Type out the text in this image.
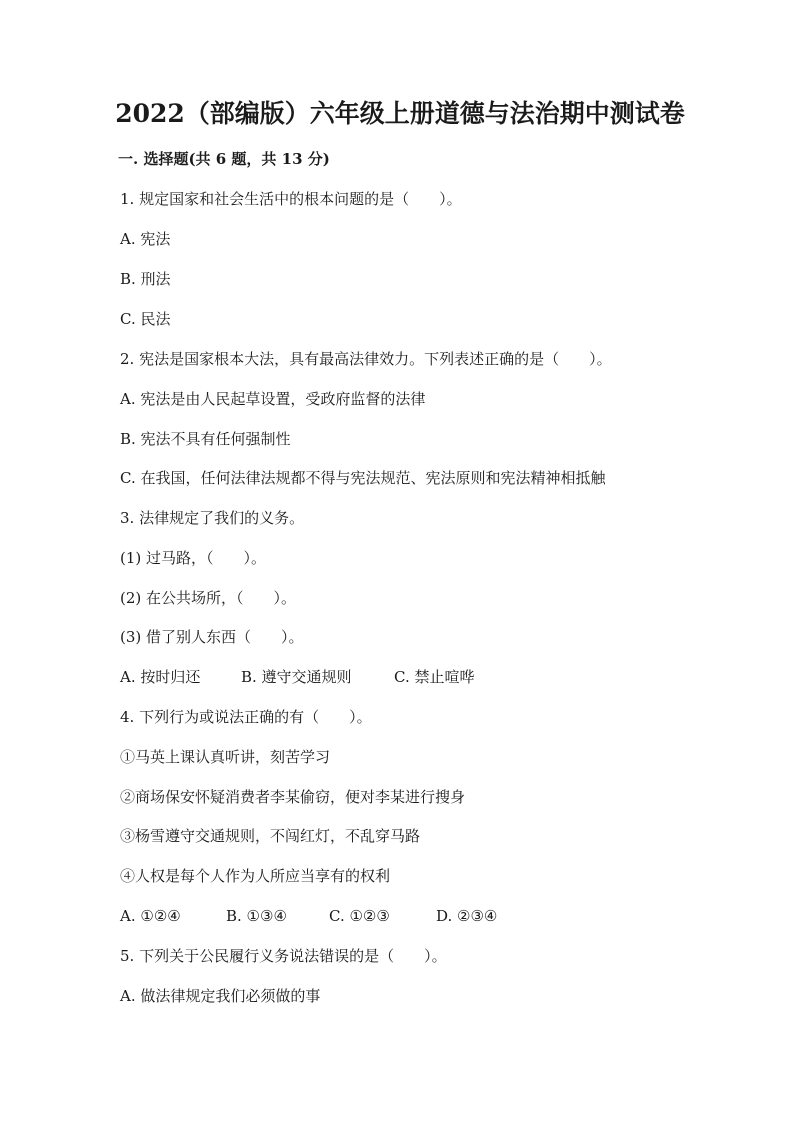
2022（部编版）六年级上册道德与法治期中测试卷

一. 选择题(共 6 题，共 13 分)

1. 规定国家和社会生活中的根本问题的是（　　）。

A. 宪法

B. 刑法

C. 民法

2. 宪法是国家根本大法，具有最高法律效力。下列表述正确的是（　　）。

A. 宪法是由人民起草设置，受政府监督的法律

B. 宪法不具有任何强制性

C. 在我国，任何法律法规都不得与宪法规范、宪法原则和宪法精神相抵触

3. 法律规定了我们的义务。

(1) 过马路，（　　）。

(2) 在公共场所，（　　）。

(3) 借了别人东西（　　）。

A. 按时归还	B. 遵守交通规则	C. 禁止喧哗

4. 下列行为或说法正确的有（　　）。

①马英上课认真听讲，刻苦学习

②商场保安怀疑消费者李某偷窃，便对李某进行搜身

③杨雪遵守交通规则，不闯红灯，不乱穿马路

④人权是每个人作为人所应当享有的权利

A. ①②④	B. ①③④	C. ①②③	D. ②③④

5. 下列关于公民履行义务说法错误的是（　　）。

A. 做法律规定我们必须做的事
